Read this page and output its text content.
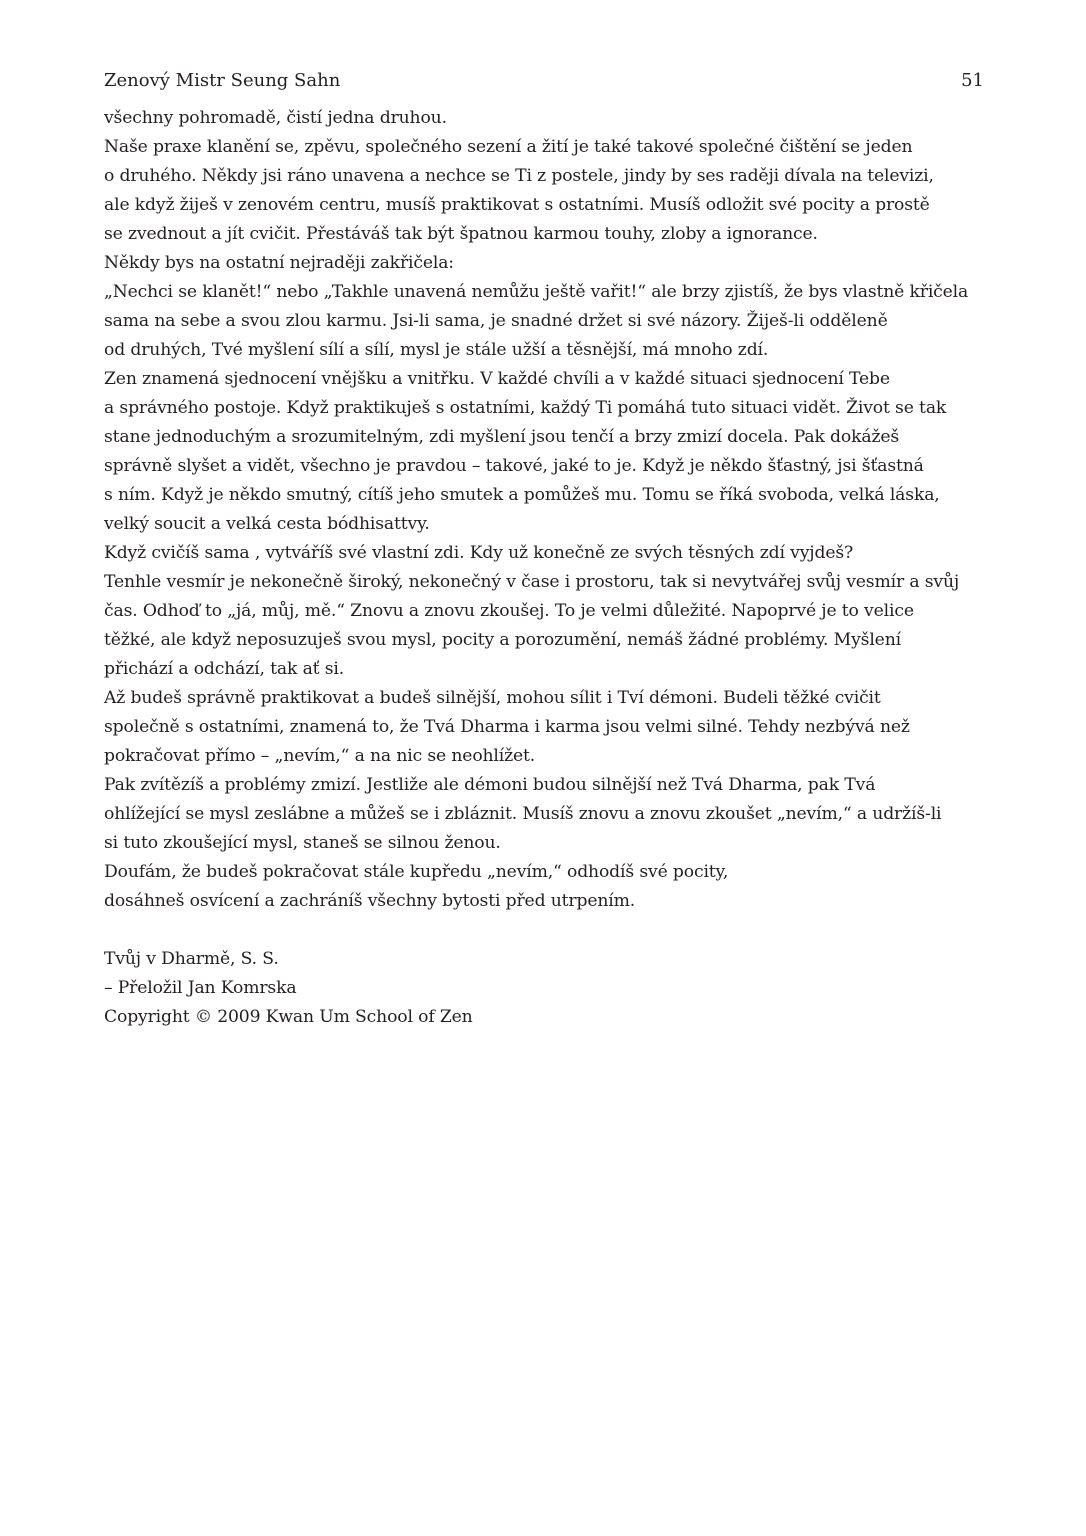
Zenový Mistr Seung Sahn	51
všechny pohromadě, čistí jedna druhou.
Naše praxe klanění se, zpěvu, společného sezení a žití je také takové společné čištění se jeden
o druhého. Někdy jsi ráno unavena a nechce se Ti z postele, jindy by ses raději dívala na televizi,
ale když žiješ v zenovém centru, musíš praktikovat s ostatními. Musíš odložit své pocity a prostě
se zvednout a jít cvičit. Přestáváš tak být špatnou karmou touhy, zloby a ignorance.
Někdy bys na ostatní nejraději zakřičela:
„Nechci se klanět!“ nebo „Takhle unavená nemůžu ještě vařit!“ ale brzy zjistíš, že bys vlastně křičela
sama na sebe a svou zlou karmu. Jsi-li sama, je snadné držet si své názory. Žiješ-li odděleně
od druhých, Tvé myšlení sílí a sílí, mysl je stále užší a těsnější, má mnoho zdí.
Zen znamená sjednocení vnějšku a vnitřku. V každé chvíli a v každé situaci sjednocení Tebe
a správného postoje. Když praktikuješ s ostatními, každý Ti pomáhá tuto situaci vidět. Život se tak
stane jednoduchým a srozumitelným, zdi myšlení jsou tenčí a brzy zmizí docela. Pak dokážeš
správně slyšet a vidět, všechno je pravdou – takové, jaké to je. Když je někdo šťastný, jsi šťastná
s ním. Když je někdo smutný, cítíš jeho smutek a pomůžeš mu. Tomu se říká svoboda, velká láska,
velký soucit a velká cesta bódhisattvy.
Když cvičíš sama , vytváříš své vlastní zdi. Kdy už konečně ze svých těsných zdí vyjdeš?
Tenhle vesmír je nekonečně široký, nekonečný v čase i prostoru, tak si nevytvářej svůj vesmír a svůj
čas. Odhoď to „já, můj, mě.“ Znovu a znovu zkoušej. To je velmi důležité. Napoprvé je to velice
těžké, ale když neposuzuješ svou mysl, pocity a porozumění, nemáš žádné problémy. Myšlení
přichází a odchází, tak ať si.
Až budeš správně praktikovat a budeš silnější, mohou sílit i Tví démoni. Budeli těžké cvičit
společně s ostatními, znamená to, že Tvá Dharma i karma jsou velmi silné. Tehdy nezbývá než
pokračovat přímo – „nevím,“ a na nic se neohlížet.
Pak zvítězíš a problémy zmizí. Jestliže ale démoni budou silnější než Tvá Dharma, pak Tvá
ohlížející se mysl zeslábne a můžeš se i zbláznit. Musíš znovu a znovu zkoušet „nevím,“ a udržíš-li
si tuto zkoušející mysl, staneš se silnou ženou.
Doufám, že budeš pokračovat stále kupředu „nevím,“ odhodíš své pocity,
dosáhneš osvícení a zachráníš všechny bytosti před utrpením.
Tvůj v Dharmě, S. S.
– Přeložil Jan Komrska
Copyright © 2009 Kwan Um School of Zen
